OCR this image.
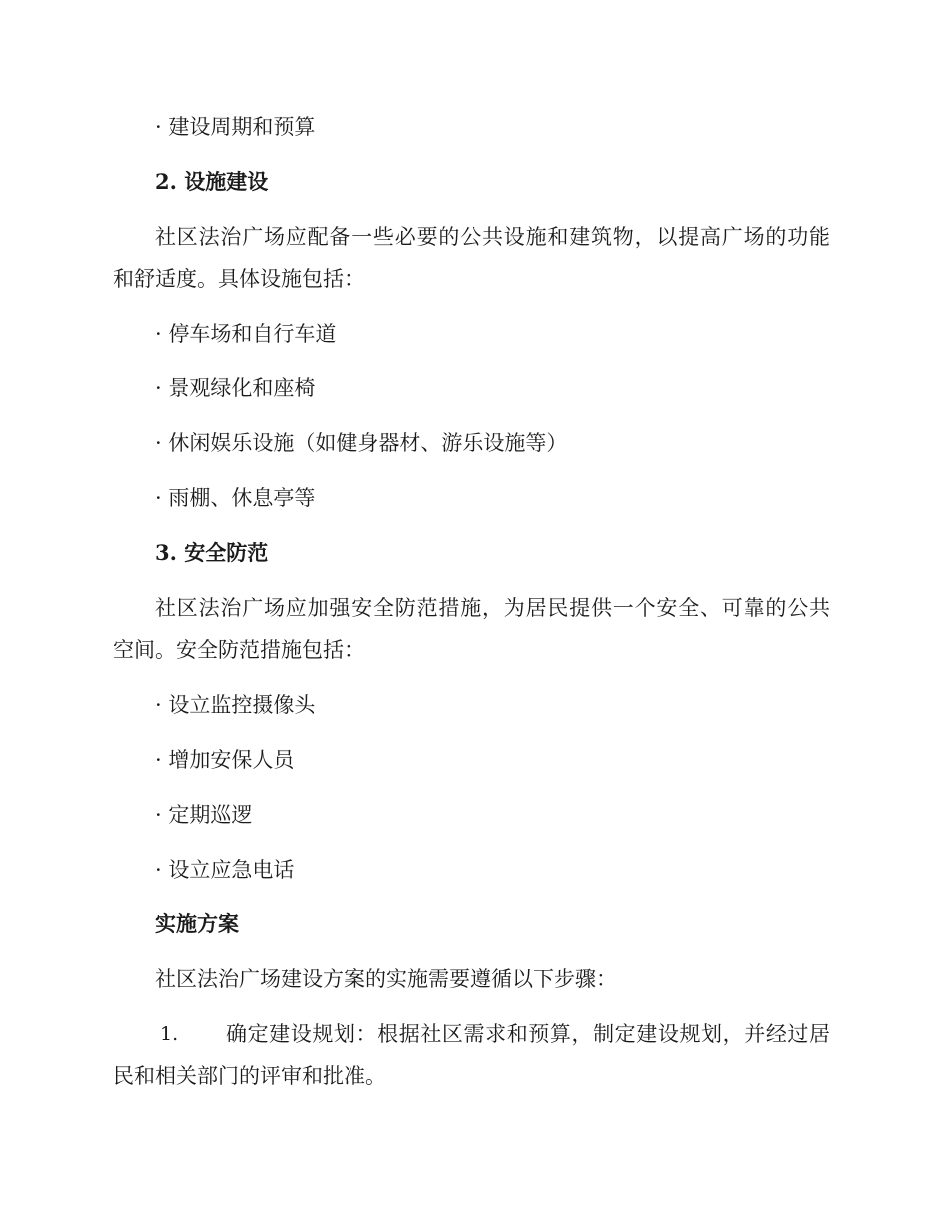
· 建设周期和预算
2. 设施建设
社区法治广场应配备一些必要的公共设施和建筑物，以提高广场的功能
和舒适度。具体设施包括：
· 停车场和自行车道
· 景观绿化和座椅
· 休闲娱乐设施（如健身器材、游乐设施等）
· 雨棚、休息亭等
3. 安全防范
社区法治广场应加强安全防范措施，为居民提供一个安全、可靠的公共
空间。安全防范措施包括：
· 设立监控摄像头
· 增加安保人员
· 定期巡逻
· 设立应急电话
实施方案
社区法治广场建设方案的实施需要遵循以下步骤：
1. 确定建设规划：根据社区需求和预算，制定建设规划，并经过居
民和相关部门的评审和批准。
